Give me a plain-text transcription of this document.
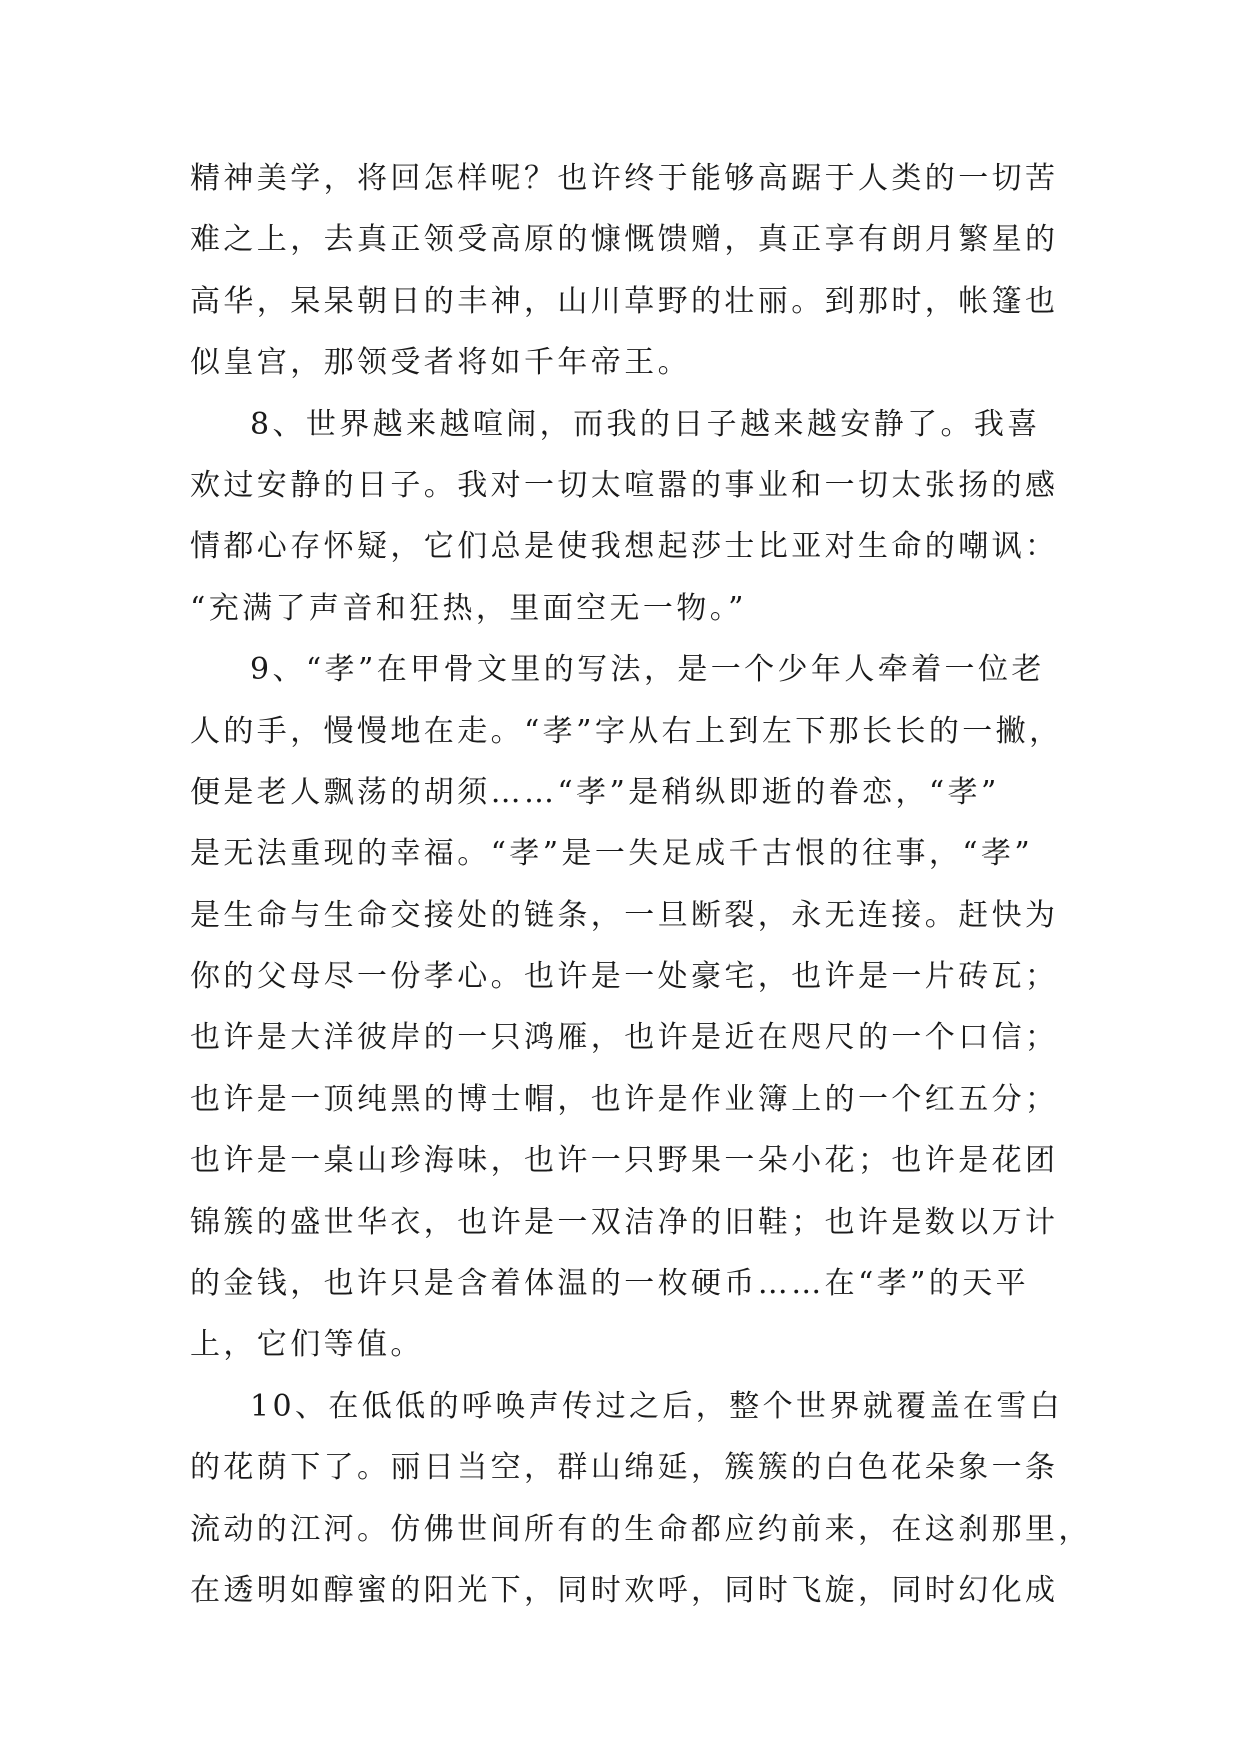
精神美学，将回怎样呢？也许终于能够高踞于人类的一切苦
难之上，去真正领受高原的慷慨馈赠，真正享有朗月繁星的
高华，杲杲朝日的丰神，山川草野的壮丽。到那时，帐篷也
似皇宫，那领受者将如千年帝王。
8、世界越来越喧闹，而我的日子越来越安静了。我喜
欢过安静的日子。我对一切太喧嚣的事业和一切太张扬的感
情都心存怀疑，它们总是使我想起莎士比亚对生命的嘲讽：
“充满了声音和狂热，里面空无一物。”
9、“孝”在甲骨文里的写法，是一个少年人牵着一位老
人的手，慢慢地在走。“孝”字从右上到左下那长长的一撇，
便是老人飘荡的胡须……“孝”是稍纵即逝的眷恋，“孝”
是无法重现的幸福。“孝”是一失足成千古恨的往事，“孝”
是生命与生命交接处的链条，一旦断裂，永无连接。赶快为
你的父母尽一份孝心。也许是一处豪宅，也许是一片砖瓦；
也许是大洋彼岸的一只鸿雁，也许是近在咫尺的一个口信；
也许是一顶纯黑的博士帽，也许是作业簿上的一个红五分；
也许是一桌山珍海味，也许一只野果一朵小花；也许是花团
锦簇的盛世华衣，也许是一双洁净的旧鞋；也许是数以万计
的金钱，也许只是含着体温的一枚硬币……在“孝”的天平
上，它们等值。
10、在低低的呼唤声传过之后，整个世界就覆盖在雪白
的花荫下了。丽日当空，群山绵延，簇簇的白色花朵象一条
流动的江河。仿佛世间所有的生命都应约前来，在这刹那里，
在透明如醇蜜的阳光下，同时欢呼，同时飞旋，同时幻化成
